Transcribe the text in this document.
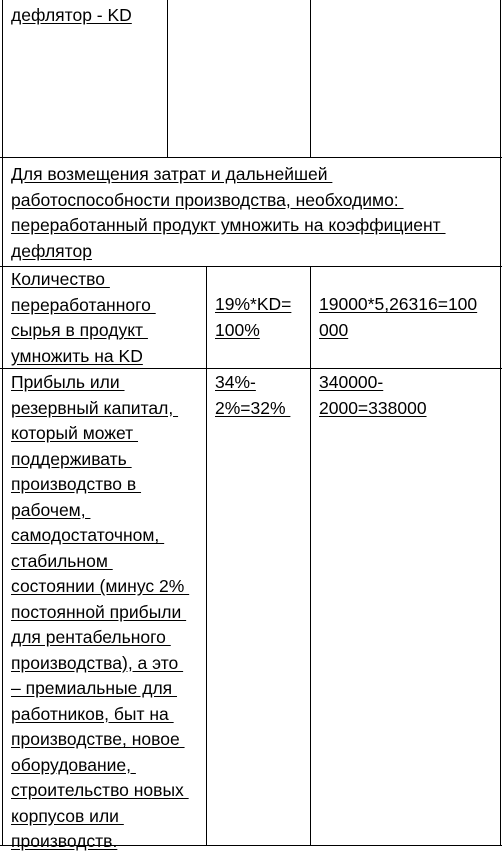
дефлятор - KD
Для возмещения затрат и дальнейшей
работоспособности производства, необходимо:
переработанный продукт умножить на коэффициент
дефлятор
Количество
переработанного
сырья в продукт
умножить на KD
19%*KD=
100%
19000*5,26316=100
000
Прибыль или
резервный капитал,
который может
поддерживать
производство в
рабочем,
самодостаточном,
стабильном
состоянии (минус 2%
постоянной прибыли
для рентабельного
производства), а это
– премиальные для
работников, быт на
производстве, новое
оборудование,
строительство новых
корпусов или
производств.
34%-
2%=32%
340000-
2000=338000
